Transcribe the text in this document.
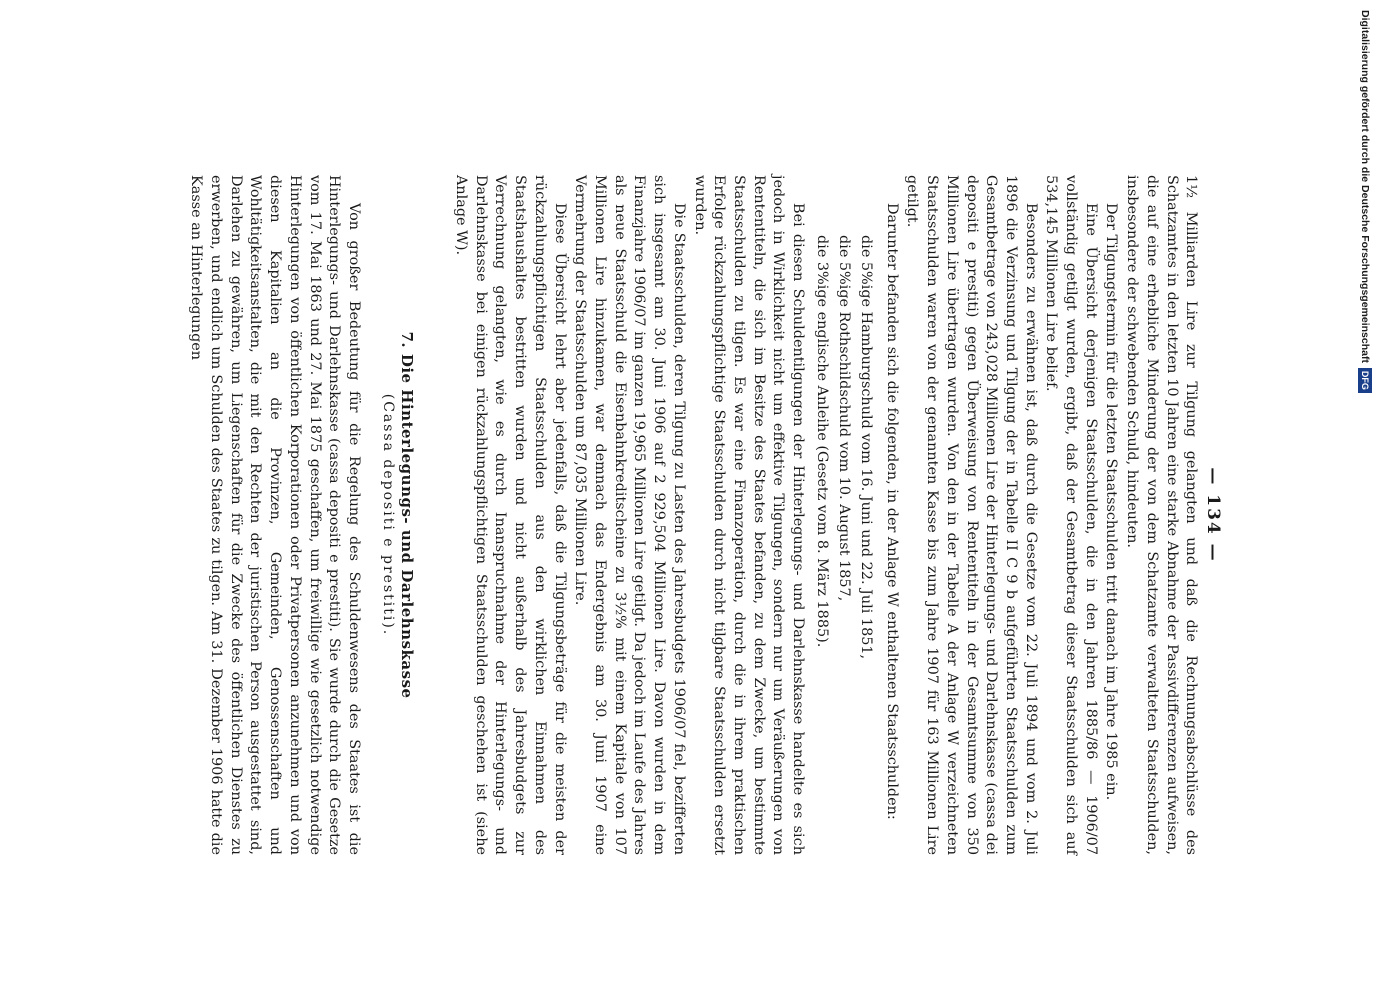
— 134 —

1½ Milliarden Lire zur Tilgung gelangten und daß die Rechnungsabschlüsse des Schatzamtes in den letzten 10 Jahren eine starke Abnahme der Passivdifferenzen aufweisen, die auf eine erhebliche Minderung der von dem Schatzamte verwalteten Staatsschulden, insbesondere der schwebenden Schuld, hindeuten.

Der Tilgungstermin für die letzten Staatsschulden tritt danach im Jahre 1985 ein.

Eine Übersicht derjenigen Staatsschulden, die in den Jahren 1885/86 — 1906/07 vollständig getilgt wurden, ergibt, daß der Gesamtbetrag dieser Staatsschulden sich auf 534,145 Millionen Lire belief.

Besonders zu erwähnen ist, daß durch die Gesetze vom 22. Juli 1894 und vom 2. Juli 1896 die Verzinsung und Tilgung der in Tabelle II C 9 b aufgeführten Staatsschulden zum Gesamtbetrage von 243,028 Millionen Lire der Hinterlegungs- und Darlehnskasse (cassa dei depositi e prestiti) gegen Überweisung von Rententiteln in der Gesamtsumme von 350 Millionen Lire übertragen wurden. Von den in der Tabelle A der Anlage W verzeichneten Staatsschulden waren von der genannten Kasse bis zum Jahre 1907 für 163 Millionen Lire getilgt.

Darunter befanden sich die folgenden, in der Anlage W enthaltenen Staatsschulden:

die 5%ige Hamburgschuld vom 16. Juni und 22. Juli 1851,
die 5%ige Rothschildschuld vom 10. August 1857,
die 3%ige englische Anleihe (Gesetz vom 8. März 1885).

Bei diesen Schuldentilgungen der Hinterlegungs- und Darlehnskasse handelte es sich jedoch in Wirklichkeit nicht um effektive Tilgungen, sondern nur um Veräußerungen von Rententiteln, die sich im Besitze des Staates befanden, zu dem Zwecke, um bestimmte Staatsschulden zu tilgen. Es war eine Finanzoperation, durch die in ihrem praktischen Erfolge rückzahlungspflichtige Staatsschulden durch nicht tilgbare Staatsschulden ersetzt wurden.

Die Staatsschulden, deren Tilgung zu Lasten des Jahresbudgets 1906/07 fiel, bezifferten sich insgesamt am 30. Juni 1906 auf 2 929,504 Millionen Lire. Davon wurden in dem Finanzjahre 1906/07 im ganzen 19,965 Millionen Lire getilgt. Da jedoch im Laufe des Jahres als neue Staatsschuld die Eisenbahnkreditscheine zu 3½% mit einem Kapitale von 107 Millionen Lire hinzukamen, war demnach das Endergebnis am 30. Juni 1907 eine Vermehrung der Staatsschulden um 87,035 Millionen Lire.

Diese Übersicht lehrt aber jedenfalls, daß die Tilgungsbeträge für die meisten der rückzahlungspflichtigen Staatsschulden aus den wirklichen Einnahmen des Staatshaushaltes bestritten wurden und nicht außerhalb des Jahresbudgets zur Verrechnung gelangten, wie es durch Inanspruchnahme der Hinterlegungs- und Darlehnskasse bei einigen rückzahlungspflichtigen Staatsschulden geschehen ist (siehe Anlage W).

7. Die Hinterlegungs- und Darlehnskasse
(Cassa depositi e prestiti).

Von großer Bedeutung für die Regelung des Schuldenwesens des Staates ist die Hinterlegungs- und Darlehnskasse (cassa depositi e prestiti). Sie wurde durch die Gesetze vom 17. Mai 1863 und 27. Mai 1875 geschaffen, um freiwillige wie gesetzlich notwendige Hinterlegungen von öffentlichen Korporationen oder Privatpersonen anzunehmen und von diesen Kapitalien an die Provinzen, Gemeinden, Genossenschaften und Wohltätigkeitsanstalten, die mit den Rechten der juristischen Person ausgestattet sind, Darlehen zu gewähren, um Liegenschaften für die Zwecke des öffentlichen Dienstes zu erwerben, und endlich um Schulden des Staates zu tilgen. Am 31. Dezember 1906 hatte die Kasse an Hinterlegungen	Digitalisierung gefördert durch die Deutsche Forschungsgemeinschaft DFG
